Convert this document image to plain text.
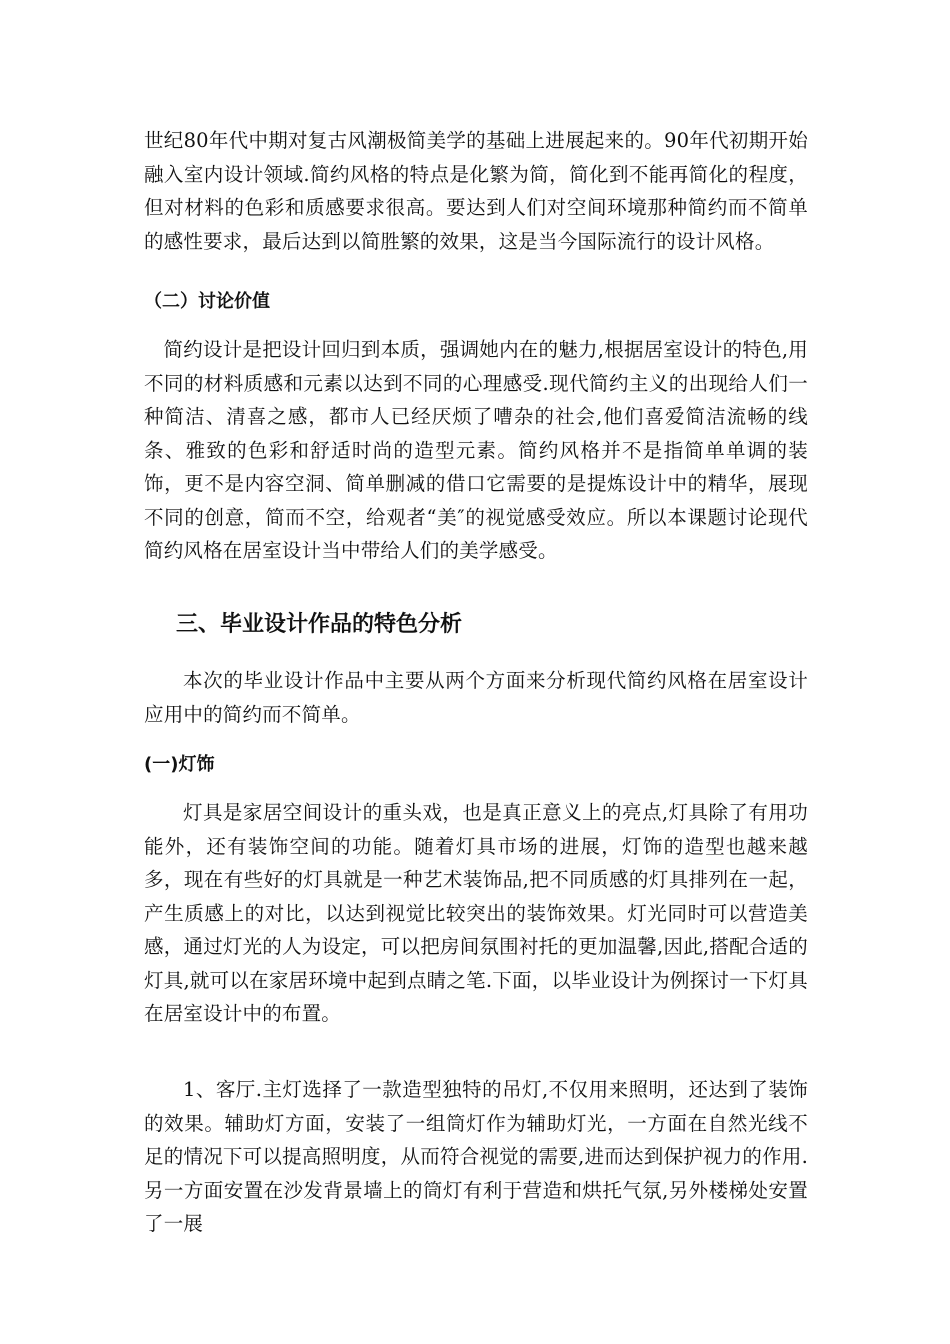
世纪80年代中期对复古风潮极简美学的基础上进展起来的。90年代初期开始融入室内设计领域.简约风格的特点是化繁为简，简化到不能再简化的程度，但对材料的色彩和质感要求很高。要达到人们对空间环境那种简约而不简单的感性要求，最后达到以简胜繁的效果，这是当今国际流行的设计风格。

（二）讨论价值

简约设计是把设计回归到本质，强调她内在的魅力,根据居室设计的特色,用不同的材料质感和元素以达到不同的心理感受.现代简约主义的出现给人们一种简洁、清喜之感，都市人已经厌烦了嘈杂的社会,他们喜爱简洁流畅的线条、雅致的色彩和舒适时尚的造型元素。简约风格并不是指简单单调的装饰，更不是内容空洞、简单删减的借口它需要的是提炼设计中的精华，展现不同的创意，简而不空，给观者“美″的视觉感受效应。所以本课题讨论现代简约风格在居室设计当中带给人们的美学感受。

三、毕业设计作品的特色分析

本次的毕业设计作品中主要从两个方面来分析现代简约风格在居室设计应用中的简约而不简单。

(一)灯饰

灯具是家居空间设计的重头戏，也是真正意义上的亮点,灯具除了有用功能外，还有装饰空间的功能。随着灯具市场的进展，灯饰的造型也越来越多，现在有些好的灯具就是一种艺术装饰品,把不同质感的灯具排列在一起，产生质感上的对比，以达到视觉比较突出的装饰效果。灯光同时可以营造美感，通过灯光的人为设定，可以把房间氛围衬托的更加温馨,因此,搭配合适的灯具,就可以在家居环境中起到点睛之笔.下面，以毕业设计为例探讨一下灯具在居室设计中的布置。

1、客厅.主灯选择了一款造型独特的吊灯,不仅用来照明，还达到了装饰的效果。辅助灯方面，安装了一组筒灯作为辅助灯光，一方面在自然光线不足的情况下可以提高照明度，从而符合视觉的需要,进而达到保护视力的作用.另一方面安置在沙发背景墙上的筒灯有利于营造和烘托气氛,另外楼梯处安置了一展
